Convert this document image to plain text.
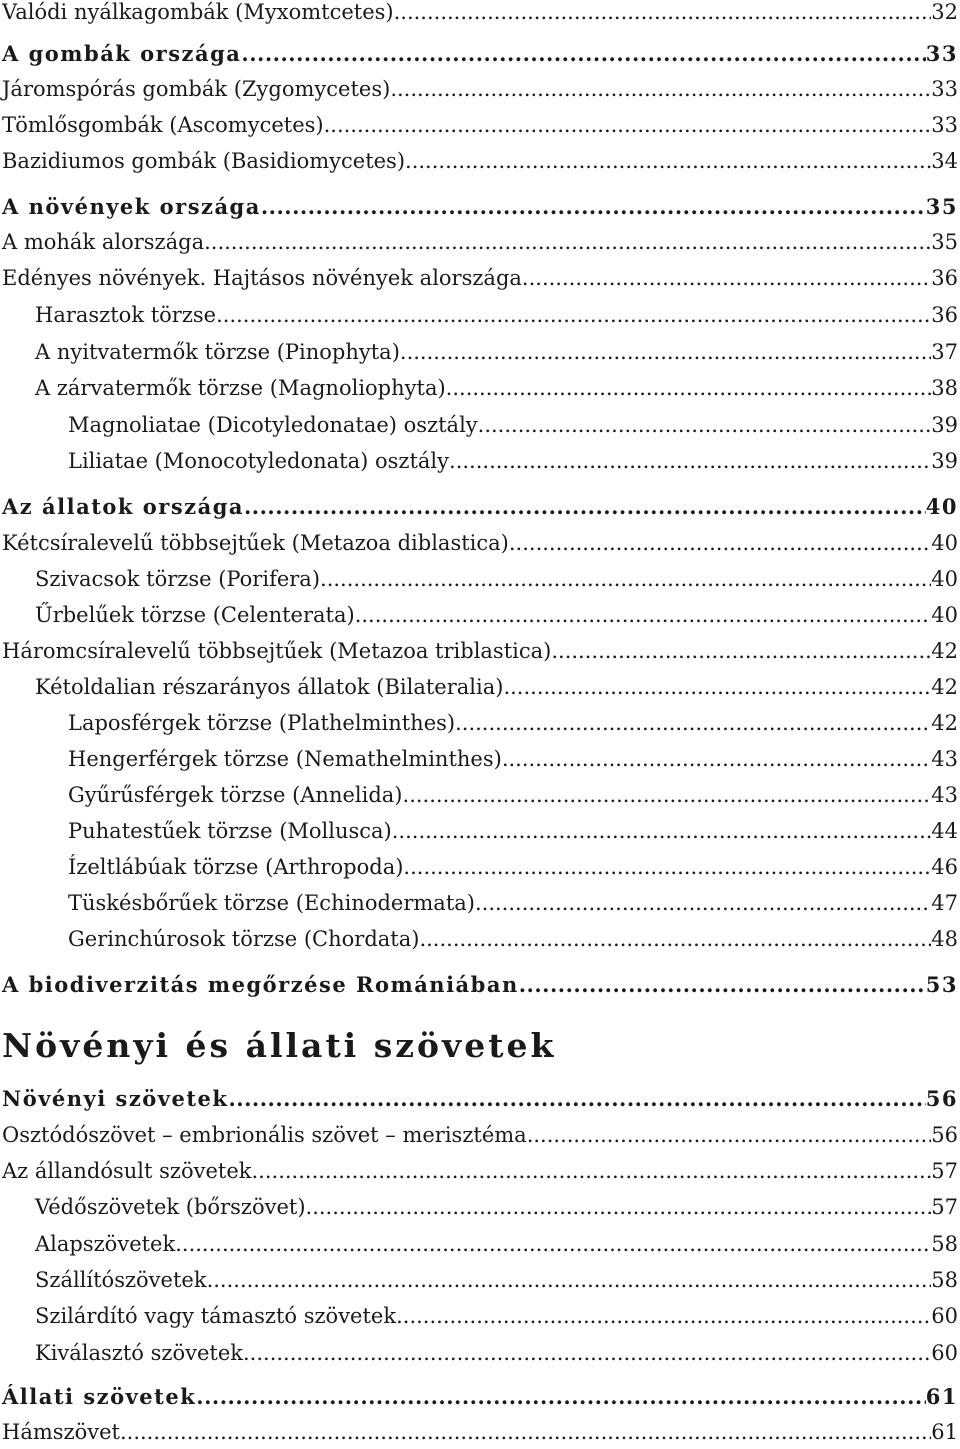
Valódi nyálkagombák (Myxomtcetes) .....	32
A gombák országa .....	33
Járomspórás gombák (Zygomycetes) .....	33
Tömlősgombák (Ascomycetes) .....	33
Bazidiumos gombák (Basidiomycetes) .....	34
A növények országa .....	35
A mohák alországa .....	35
Edényes növények. Hajtásos növények alországa .....	36
Harasztok törzse .....	36
A nyitvatermők törzse (Pinophyta) .....	37
A zárvatermők törzse (Magnoliophyta) .....	38
Magnoliatae (Dicotyledonatae) osztály .....	39
Liliatae (Monocotyledonata) osztály .....	39
Az állatok országa .....	40
Kétcsíralevelű többsejtűek (Metazoa diblastica) .....	40
Szivacsok törzse (Porifera) .....	40
Űrbelűek törzse (Celenterata) .....	40
Háromcsíralevelű többsejtűek (Metazoa triblastica) .....	42
Kétoldalian részarányos állatok (Bilateralia) .....	42
Laposférgek törzse (Plathelminthes) .....	42
Hengerférgek törzse (Nemathelminthes) .....	43
Gyűrűsférgek törzse (Annelida) .....	43
Puhatestűek törzse (Mollusca) .....	44
Ízeltlábúak törzse (Arthropoda) .....	46
Tüskésbőrűek törzse (Echinodermata) .....	47
Gerinchúrosok törzse (Chordata) .....	48
A biodiverzitás megőrzése Romániában .....	53
Növényi szövetek .....	56
Osztódószövet – embrionális szövet – merisztéma .....	56
Az állandósult szövetek .....	57
Védőszövetek (bőrszövet) .....	57
Alapszövetek .....	58
Szállítószövetek .....	58
Szilárdító vagy támasztó szövetek .....	60
Kiválasztó szövetek .....	60
Állati szövetek .....	61
Hámszövet .....	61
Növényi és állati szövetek
